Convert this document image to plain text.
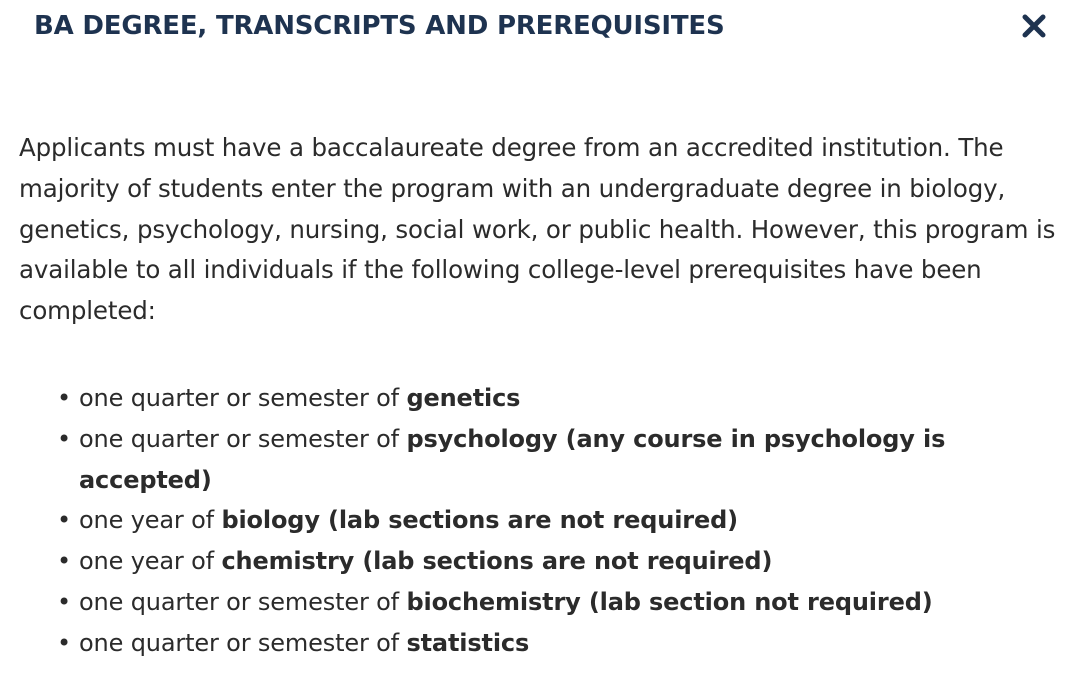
BA DEGREE, TRANSCRIPTS AND PREREQUISITES

Applicants must have a baccalaureate degree from an accredited institution. The majority of students enter the program with an undergraduate degree in biology, genetics, psychology, nursing, social work, or public health. However, this program is available to all individuals if the following college-level prerequisites have been completed:

• one quarter or semester of genetics
• one quarter or semester of psychology (any course in psychology is accepted)
• one year of biology (lab sections are not required)
• one year of chemistry (lab sections are not required)
• one quarter or semester of biochemistry (lab section not required)
• one quarter or semester of statistics
